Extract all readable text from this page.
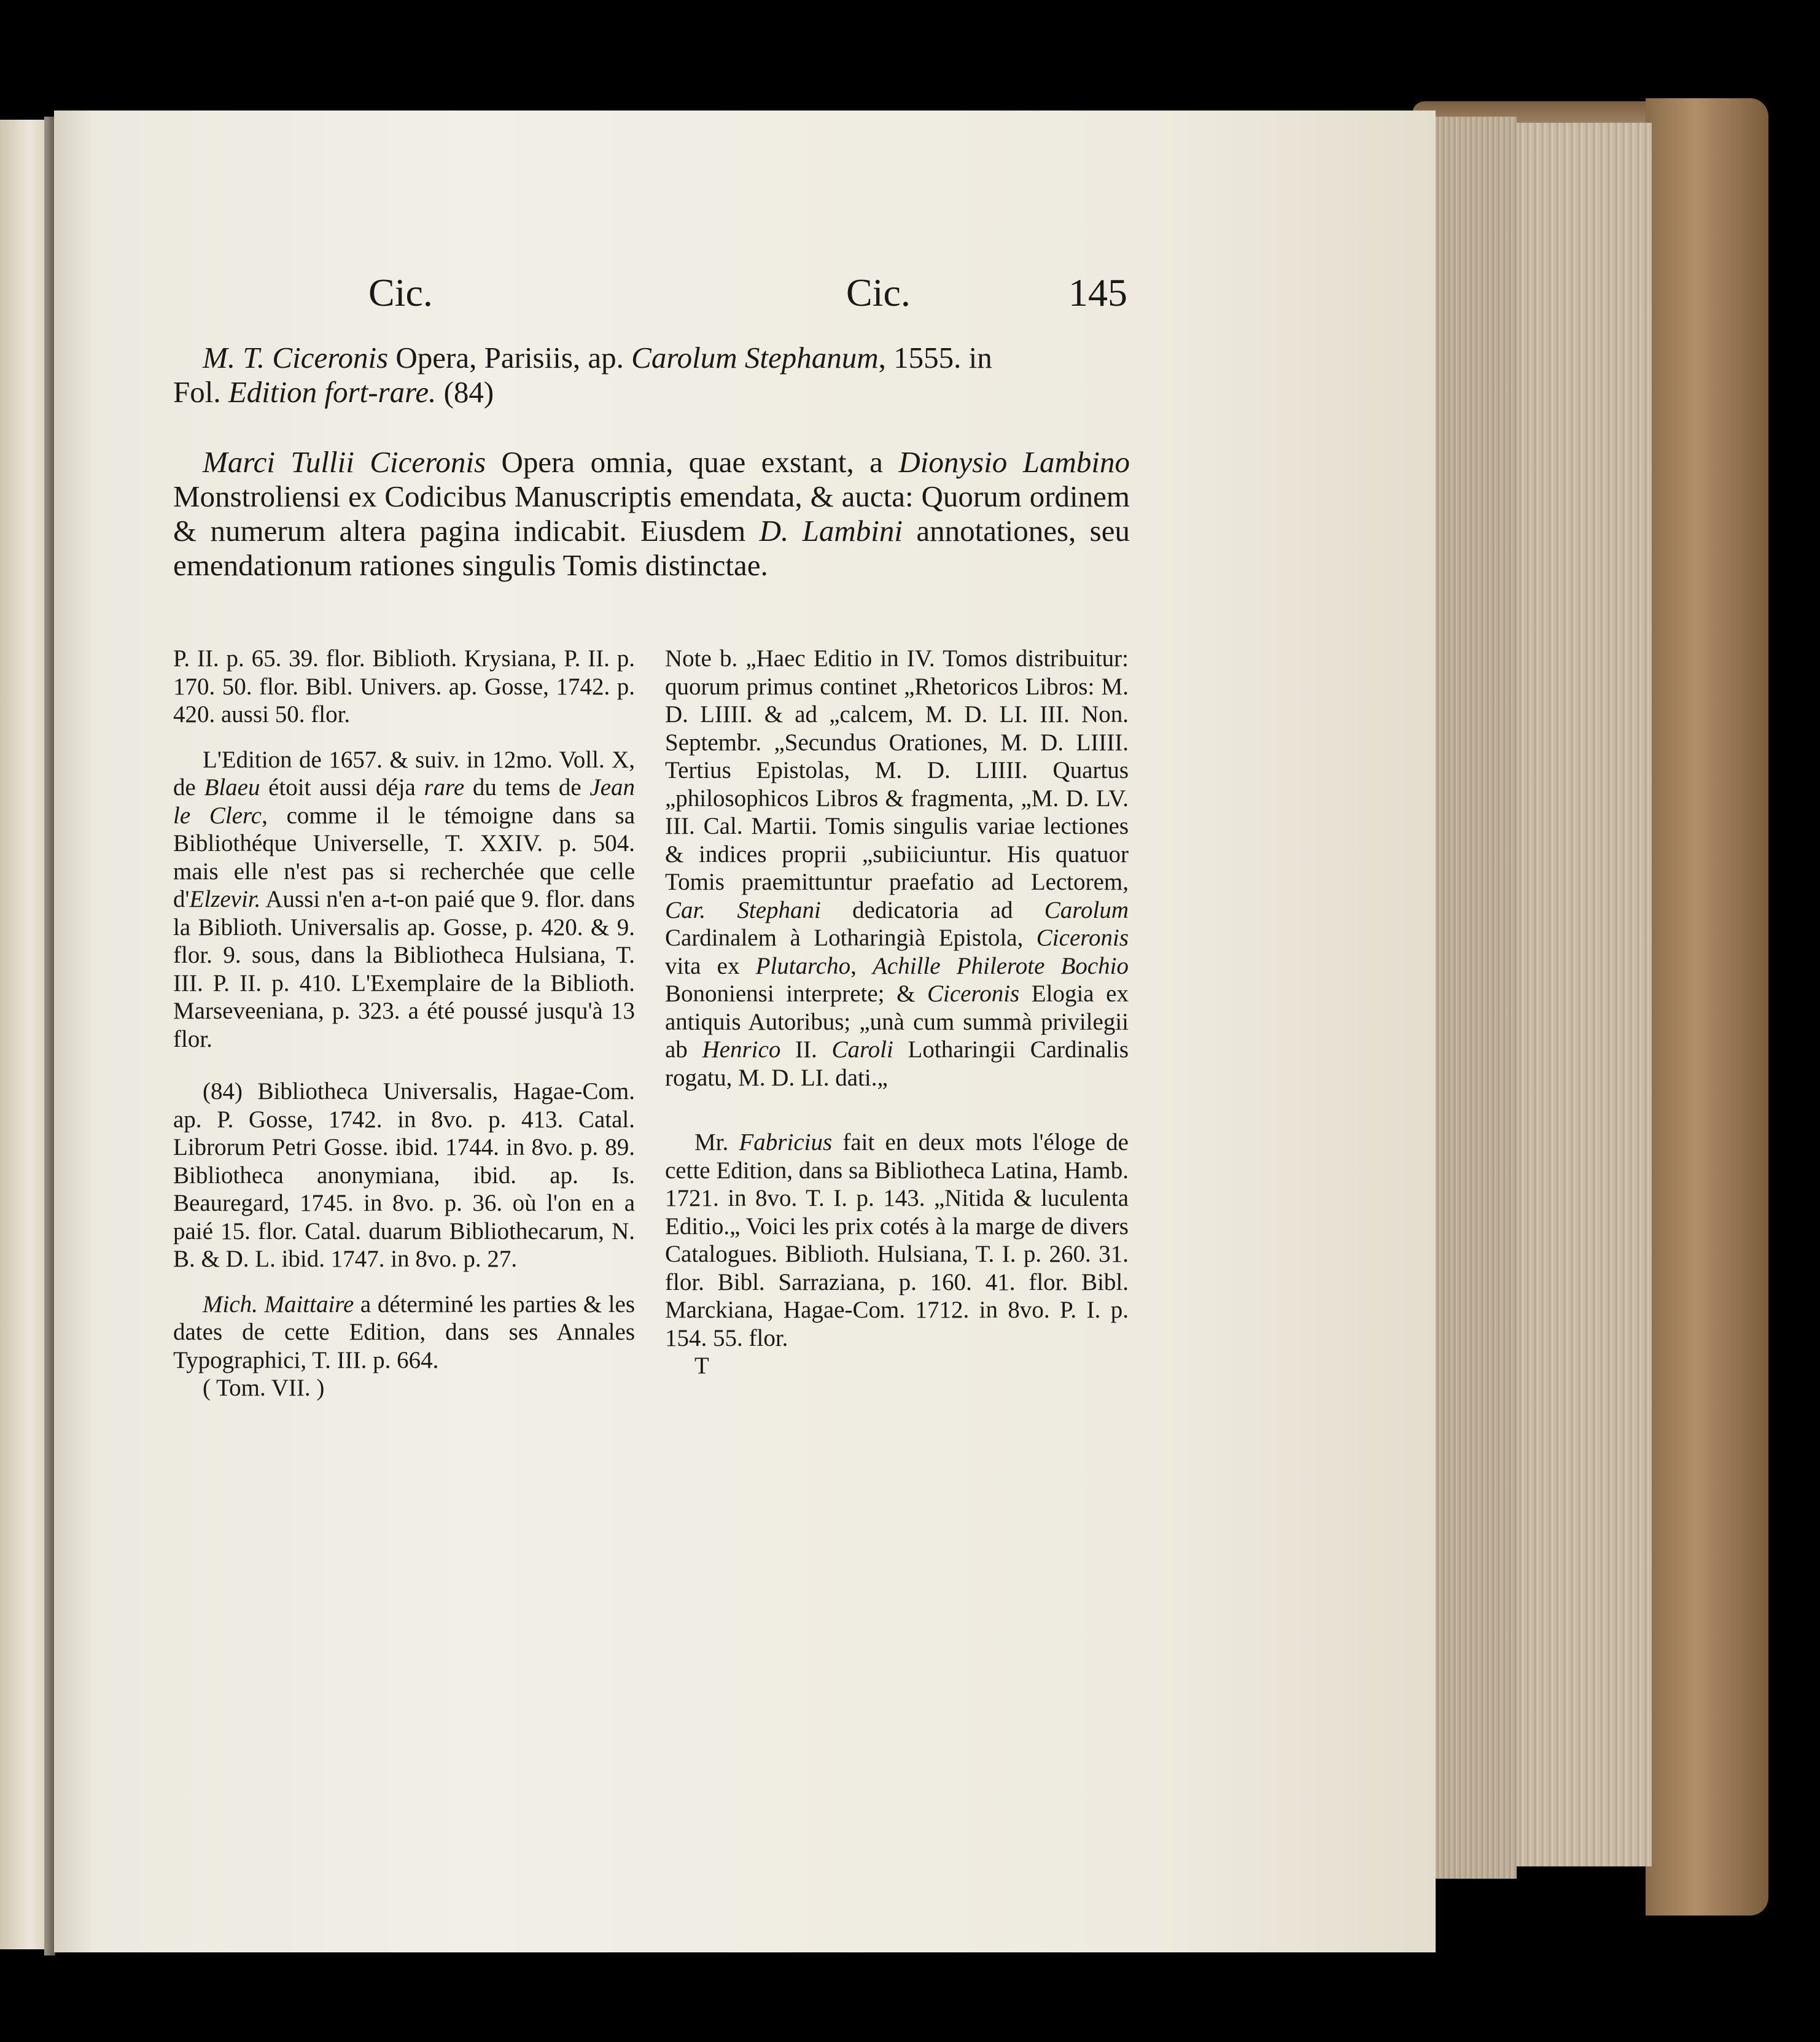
Cic.	Cic.	145

M. T. Ciceronis Opera, Parisiis, ap. Carolum Stephanum, 1555. in

Fol. Edition fort-rare. (84)

Marci Tullii Ciceronis Opera omnia, quae exstant, a Dionysio Lambino Monstroliensi ex Codicibus Manuscriptis emendata, & aucta: Quorum ordinem & numerum altera pagina indicabit. Eiusdem D. Lambini annotationes, seu emendationum rationes singulis Tomis distinctae.

P. II. p. 65. 39. flor. Biblioth. Krysiana, P. II. p. 170. 50. flor. Bibl. Univers. ap. Gosse, 1742. p. 420. aussi 50. flor.

L'Edition de 1657. & suiv. in 12mo. Voll. X, de Blaeu étoit aussi déja rare du tems de Jean le Clerc, comme il le témoigne dans sa Bibliothéque Universelle, T. XXIV. p. 504. mais elle n'est pas si recherchée que celle d'Elzevir. Aussi n'en a-t-on paié que 9. flor. dans la Biblioth. Universalis ap. Gosse, p. 420. & 9. flor. 9. sous, dans la Bibliotheca Hulsiana, T. III. P. II. p. 410. L'Exemplaire de la Biblioth. Marseveeniana, p. 323. a été poussé jusqu'à 13 flor.

(84) Bibliotheca Universalis, Hagae-Com. ap. P. Gosse, 1742. in 8vo. p. 413. Catal. Librorum Petri Gosse. ibid. 1744. in 8vo. p. 89. Bibliotheca anonymiana, ibid. ap. Is. Beauregard, 1745. in 8vo. p. 36. où l'on en a paié 15. flor. Catal. duarum Bibliothecarum, N. B. & D. L. ibid. 1747. in 8vo. p. 27.

Mich. Maittaire a déterminé les parties & les dates de cette Edition, dans ses Annales Typographici, T. III. p. 664.

( Tom. VII. )

Note b. „Haec Editio in IV. Tomos distribuitur: quorum primus continet „Rhetoricos Libros: M. D. LIIII. & ad „calcem, M. D. LI. III. Non. Septembr. „Secundus Orationes, M. D. LIIII. Tertius Epistolas, M. D. LIIII. Quartus „philosophicos Libros & fragmenta, „M. D. LV. III. Cal. Martii. Tomis singulis variae lectiones & indices proprii „subiiciuntur. His quatuor Tomis praemittuntur praefatio ad Lectorem, Car. Stephani dedicatoria ad Carolum Cardinalem à Lotharingià Epistola, Ciceronis vita ex Plutarcho, Achille Philerote Bochio Bononiensi interprete; & Ciceronis Elogia ex antiquis Autoribus; „unà cum summà privilegii ab Henrico II. Caroli Lotharingii Cardinalis rogatu, M. D. LI. dati.„

Mr. Fabricius fait en deux mots l'éloge de cette Edition, dans sa Bibliotheca Latina, Hamb. 1721. in 8vo. T. I. p. 143. „Nitida & luculenta Editio.„ Voici les prix cotés à la marge de divers Catalogues. Biblioth. Hulsiana, T. I. p. 260. 31. flor. Bibl. Sarraziana, p. 160. 41. flor. Bibl. Marckiana, Hagae-Com. 1712. in 8vo. P. I. p. 154. 55. flor.

T
